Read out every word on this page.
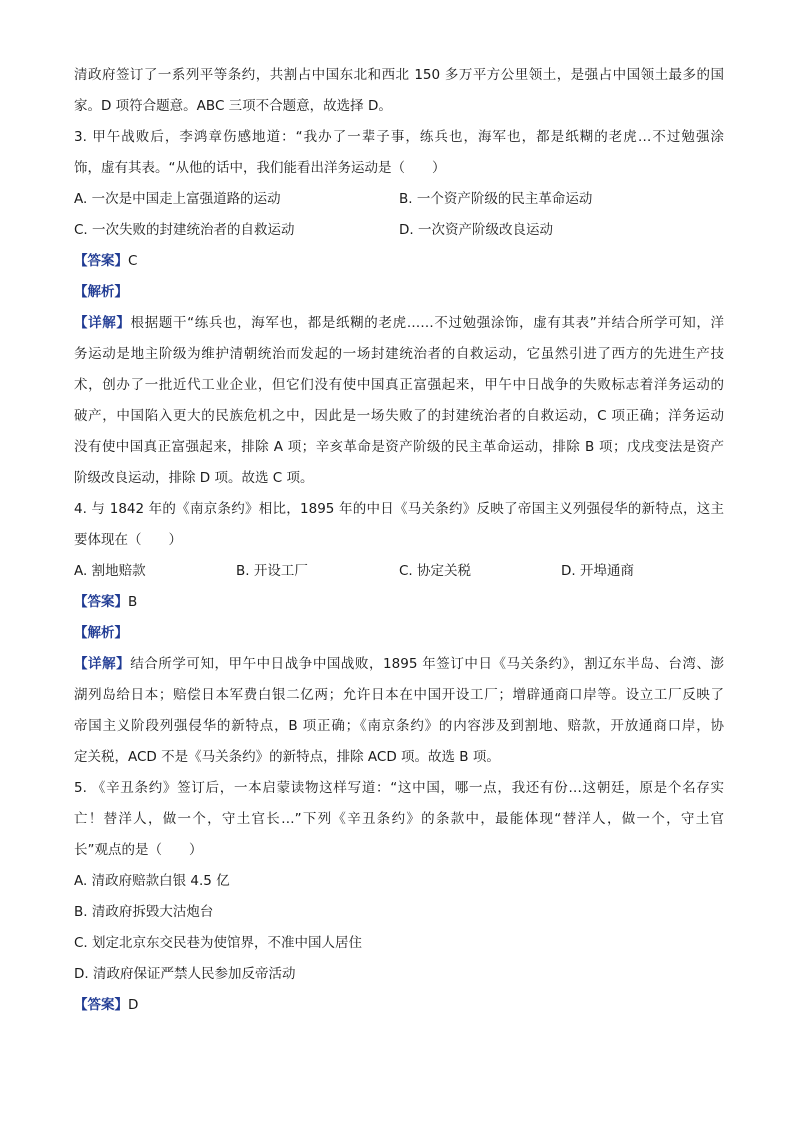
清政府签订了一系列平等条约，共割占中国东北和西北 150 多万平方公里领土，是强占中国领土最多的国
家。D 项符合题意。ABC 三项不合题意，故选择 D。
3. 甲午战败后，李鸿章伤感地道：“我办了一辈子事，练兵也，海军也，都是纸糊的老虎…不过勉强涂
饰，虚有其表。“从他的话中，我们能看出洋务运动是（　　）
A. 一次是中国走上富强道路的运动	B. 一个资产阶级的民主革命运动
C. 一次失败的封建统治者的自救运动	D. 一次资产阶级改良运动
【答案】C
【解析】
【详解】根据题干“练兵也，海军也，都是纸糊的老虎……不过勉强涂饰，虚有其表”并结合所学可知，洋
务运动是地主阶级为维护清朝统治而发起的一场封建统治者的自救运动，它虽然引进了西方的先进生产技
术，创办了一批近代工业企业，但它们没有使中国真正富强起来，甲午中日战争的失败标志着洋务运动的
破产，中国陷入更大的民族危机之中，因此是一场失败了的封建统治者的自救运动，C 项正确；洋务运动
没有使中国真正富强起来，排除 A 项；辛亥革命是资产阶级的民主革命运动，排除 B 项；戊戌变法是资产
阶级改良运动，排除 D 项。故选 C 项。
4. 与 1842 年的《南京条约》相比，1895 年的中日《马关条约》反映了帝国主义列强侵华的新特点，这主
要体现在（　　）
A. 割地赔款	B. 开设工厂	C. 协定关税	D. 开埠通商
【答案】B
【解析】
【详解】结合所学可知，甲午中日战争中国战败，1895 年签订中日《马关条约》，割辽东半岛、台湾、澎
湖列岛给日本；赔偿日本军费白银二亿两；允许日本在中国开设工厂；增辟通商口岸等。设立工厂反映了
帝国主义阶段列强侵华的新特点，B 项正确；《南京条约》的内容涉及到割地、赔款，开放通商口岸，协
定关税，ACD 不是《马关条约》的新特点，排除 ACD 项。故选 B 项。
5. 《辛丑条约》签订后，一本启蒙读物这样写道：“这中国，哪一点，我还有份…这朝廷，原是个名存实
亡！替洋人，做一个，守土官长…”下列《辛丑条约》的条款中，最能体现“替洋人，做一个，守土官
长”观点的是（　　）
A. 清政府赔款白银 4.5 亿
B. 清政府拆毁大沽炮台
C. 划定北京东交民巷为使馆界，不准中国人居住
D. 清政府保证严禁人民参加反帝活动
【答案】D
